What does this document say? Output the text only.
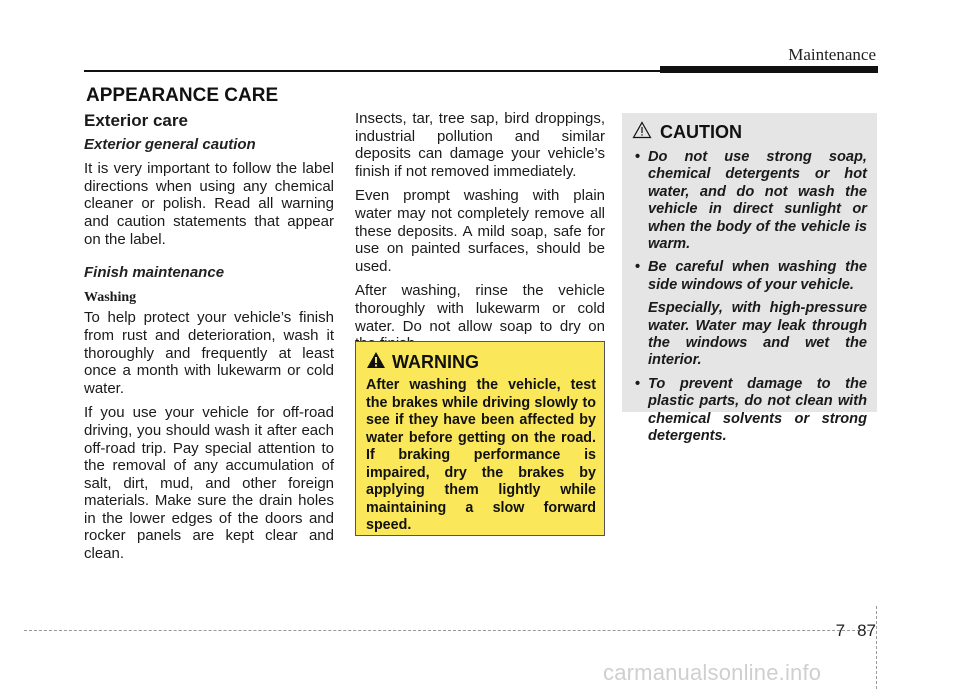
Maintenance
APPEARANCE CARE
Exterior care
Exterior general caution

It is very important to follow the label directions when using any chemical cleaner or polish. Read all warning and caution statements that appear on the label.

Finish maintenance
Washing

To help protect your vehicle’s finish from rust and deterioration, wash it thoroughly and frequently at least once a month with lukewarm or cold water.

If you use your vehicle for off-road driving, you should wash it after each off-road trip. Pay special attention to the removal of any accumulation of salt, dirt, mud, and other foreign materials. Make sure the drain holes in the lower edges of the doors and rocker panels are kept clear and clean.

Insects, tar, tree sap, bird droppings, industrial pollution and similar deposits can damage your vehicle’s finish if not removed immediately.

Even prompt washing with plain water may not completely remove all these deposits. A mild soap, safe for use on painted surfaces, should be used.

After washing, rinse the vehicle thoroughly with lukewarm or cold water. Do not allow soap to dry on

WARNING
After washing the vehicle, test the brakes while driving slowly to see if they have been affected by water before getting on the road. If braking performance is impaired, dry the brakes by applying them lightly while maintaining a slow forward speed.
CAUTION
• Do not use strong soap, chemical detergents or hot water, and do not wash the vehicle in direct sunlight or when the body of the vehicle is warm.
• Be careful when washing the side windows of your vehicle.

Especially, with high-pressure water. Water may leak through the windows and wet the interior.

• To prevent damage to the plastic parts, do not clean with chemical solvents or strong detergents.
7 87
carmanualsonline.info
